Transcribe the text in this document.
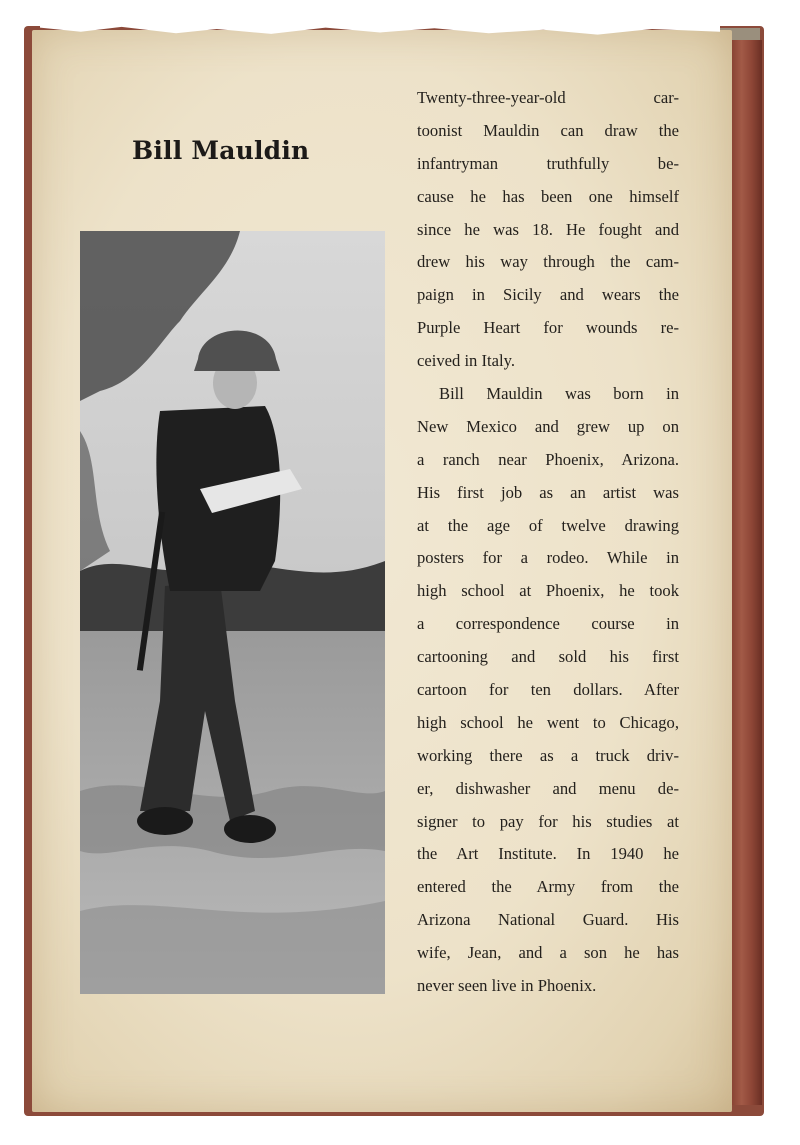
Bill Mauldin
Twenty-three-year-old car-
toonist Mauldin can draw the
infantryman truthfully be-
cause he has been one himself
since he was 18. He fought and
drew his way through the cam-
paign in Sicily and wears the
Purple Heart for wounds re-
ceived in Italy.
Bill Mauldin was born in
New Mexico and grew up on
a ranch near Phoenix, Arizona.
His first job as an artist was
at the age of twelve drawing
posters for a rodeo. While in
high school at Phoenix, he took
a correspondence course in
cartooning and sold his first
cartoon for ten dollars. After
high school he went to Chicago,
working there as a truck driv-
er, dishwasher and menu de-
signer to pay for his studies at
the Art Institute. In 1940 he
entered the Army from the
Arizona National Guard. His
wife, Jean, and a son he has
never seen live in Phoenix.
